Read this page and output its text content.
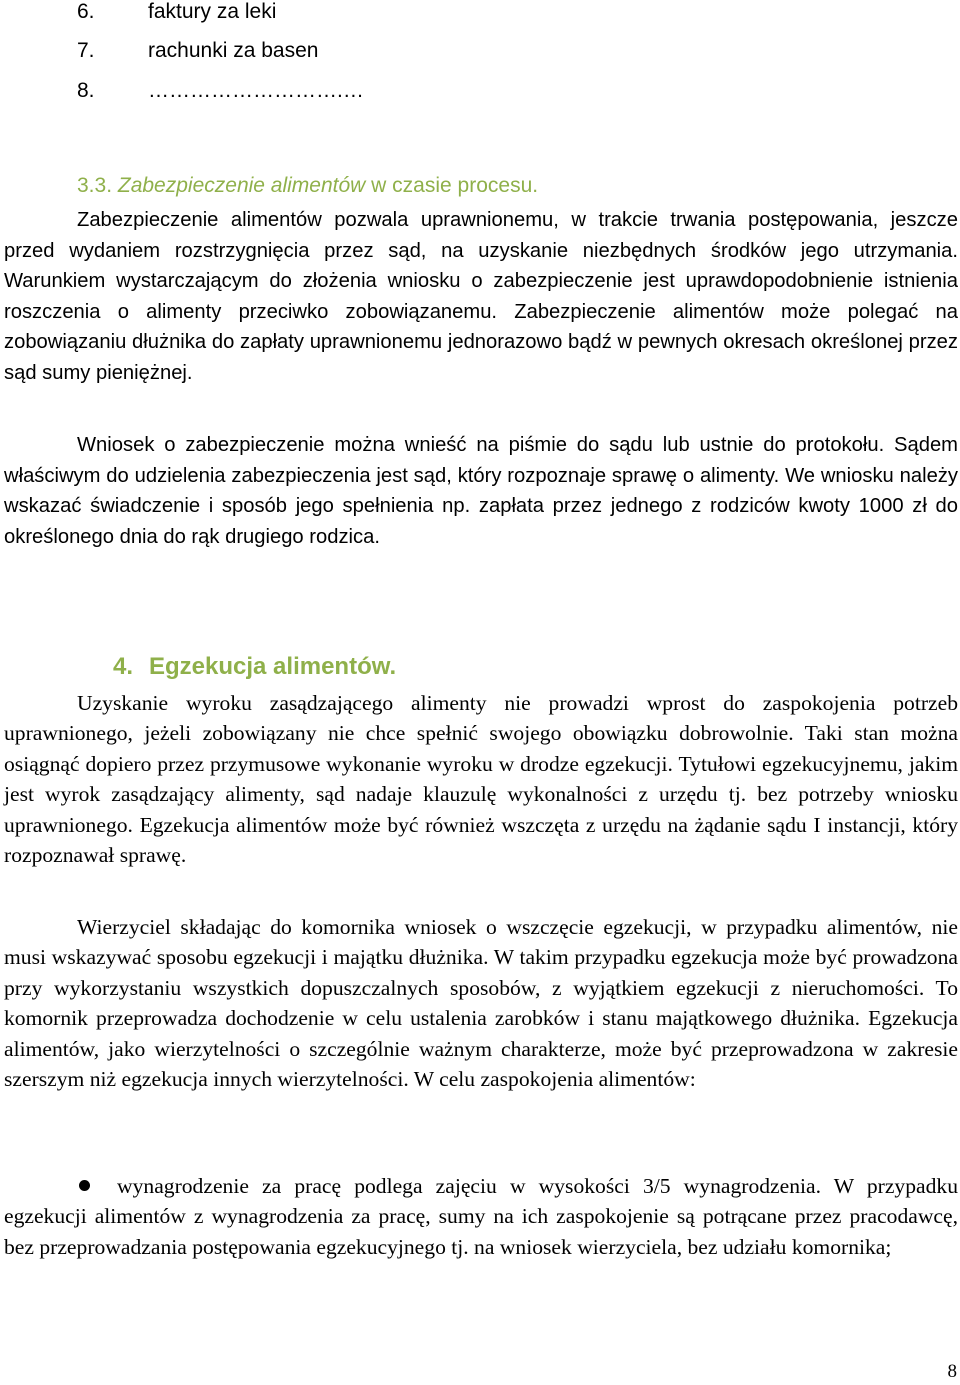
6.	faktury za leki
7.	rachunki za basen
8.	……………………….…
3.3. Zabezpieczenie alimentów w czasie procesu.

Zabezpieczenie alimentów pozwala uprawnionemu, w trakcie trwania postępowania, jeszcze przed wydaniem rozstrzygnięcia przez sąd, na uzyskanie niezbędnych środków jego utrzymania. Warunkiem wystarczającym do złożenia wniosku o zabezpieczenie jest uprawdopodobnienie istnienia roszczenia o alimenty przeciwko zobowiązanemu. Zabezpieczenie alimentów może polegać na zobowiązaniu dłużnika do zapłaty uprawnionemu jednorazowo bądź w pewnych okresach określonej przez sąd sumy pieniężnej.

Wniosek o zabezpieczenie można wnieść na piśmie do sądu lub ustnie do protokołu. Sądem właściwym do udzielenia zabezpieczenia jest sąd, który rozpoznaje sprawę o alimenty. We wniosku należy wskazać świadczenie i sposób jego spełnienia np. zapłata przez jednego z rodziców kwoty 1000 zł do określonego dnia do rąk drugiego rodzica.

4. Egzekucja alimentów.

Uzyskanie wyroku zasądzającego alimenty nie prowadzi wprost do zaspokojenia potrzeb uprawnionego, jeżeli zobowiązany nie chce spełnić swojego obowiązku dobrowolnie. Taki stan można osiągnąć dopiero przez przymusowe wykonanie wyroku w drodze egzekucji. Tytułowi egzekucyjnemu, jakim jest wyrok zasądzający alimenty, sąd nadaje klauzulę wykonalności z urzędu tj. bez potrzeby wniosku uprawnionego. Egzekucja alimentów może być również wszczęta z urzędu na żądanie sądu I instancji, który rozpoznawał sprawę.

Wierzyciel składając do komornika wniosek o wszczęcie egzekucji, w przypadku alimentów, nie musi wskazywać sposobu egzekucji i majątku dłużnika. W takim przypadku egzekucja może być prowadzona przy wykorzystaniu wszystkich dopuszczalnych sposobów, z wyjątkiem egzekucji z nieruchomości. To komornik przeprowadza dochodzenie w celu ustalenia zarobków i stanu majątkowego dłużnika. Egzekucja alimentów, jako wierzytelności o szczególnie ważnym charakterze, może być przeprowadzona w zakresie szerszym niż egzekucja innych wierzytelności. W celu zaspokojenia alimentów:

wynagrodzenie za pracę podlega zajęciu w wysokości 3/5 wynagrodzenia. W przypadku egzekucji alimentów z wynagrodzenia za pracę, sumy na ich zaspokojenie są potrącane przez pracodawcę, bez przeprowadzania postępowania egzekucyjnego tj. na wniosek wierzyciela, bez udziału komornika;

8
